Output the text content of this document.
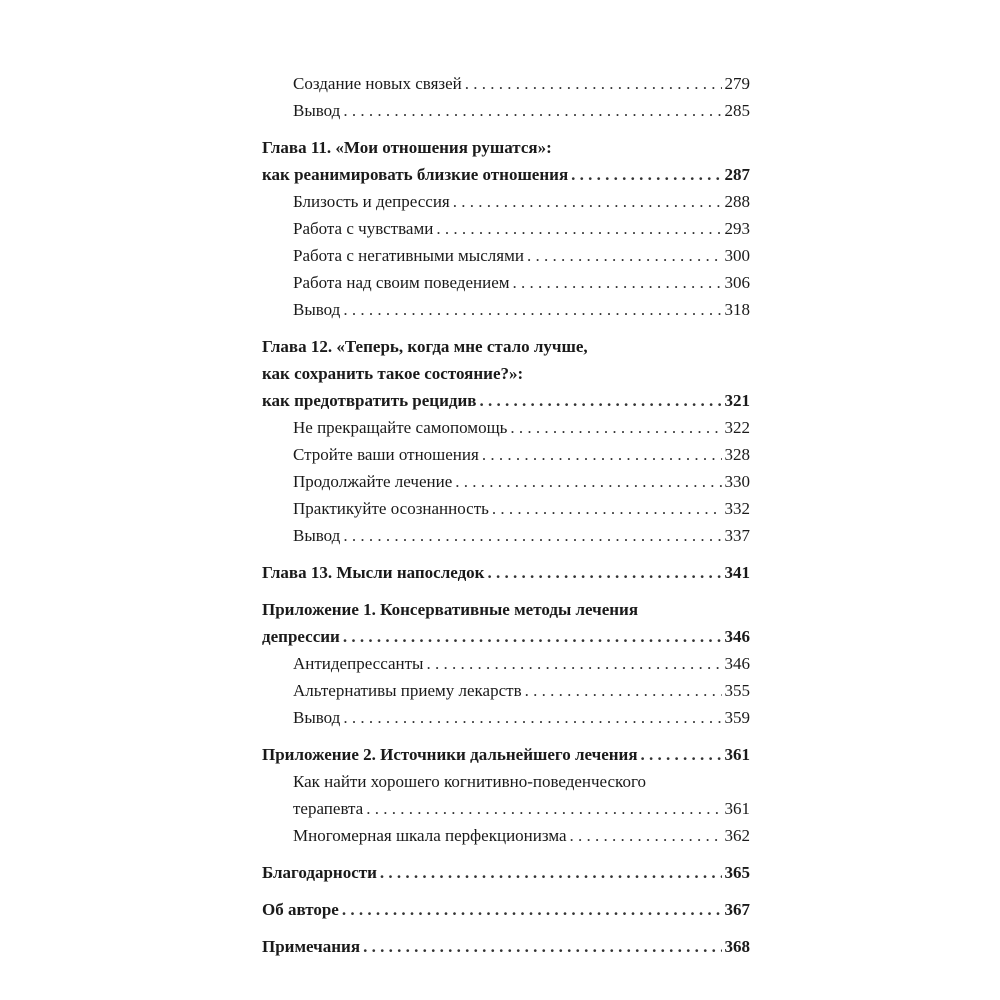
Создание новых связей . . .	279
Вывод . . .	285
Глава 11. «Мои отношения рушатся»:
как реанимировать близкие отношения . . .	287
Близость и депрессия . . .	288
Работа с чувствами . . .	293
Работа с негативными мыслями . . .	300
Работа над своим поведением . . .	306
Вывод . . .	318
Глава 12. «Теперь, когда мне стало лучше,
как сохранить такое состояние?»:
как предотвратить рецидив . . .	321
Не прекращайте самопомощь . . .	322
Стройте ваши отношения . . .	328
Продолжайте лечение . . .	330
Практикуйте осознанность . . .	332
Вывод . . .	337
Глава 13. Мысли напоследок . . .	341
Приложение 1. Консервативные методы лечения
депрессии . . .	346
Антидепрессанты . . .	346
Альтернативы приему лекарств . . .	355
Вывод . . .	359
Приложение 2. Источники дальнейшего лечения . . .	361
Как найти хорошего когнитивно-поведенческого
терапевта . . .	361
Многомерная шкала перфекционизма . . .	362
Благодарности . . .	365
Об авторе . . .	367
Примечания . . .	368
